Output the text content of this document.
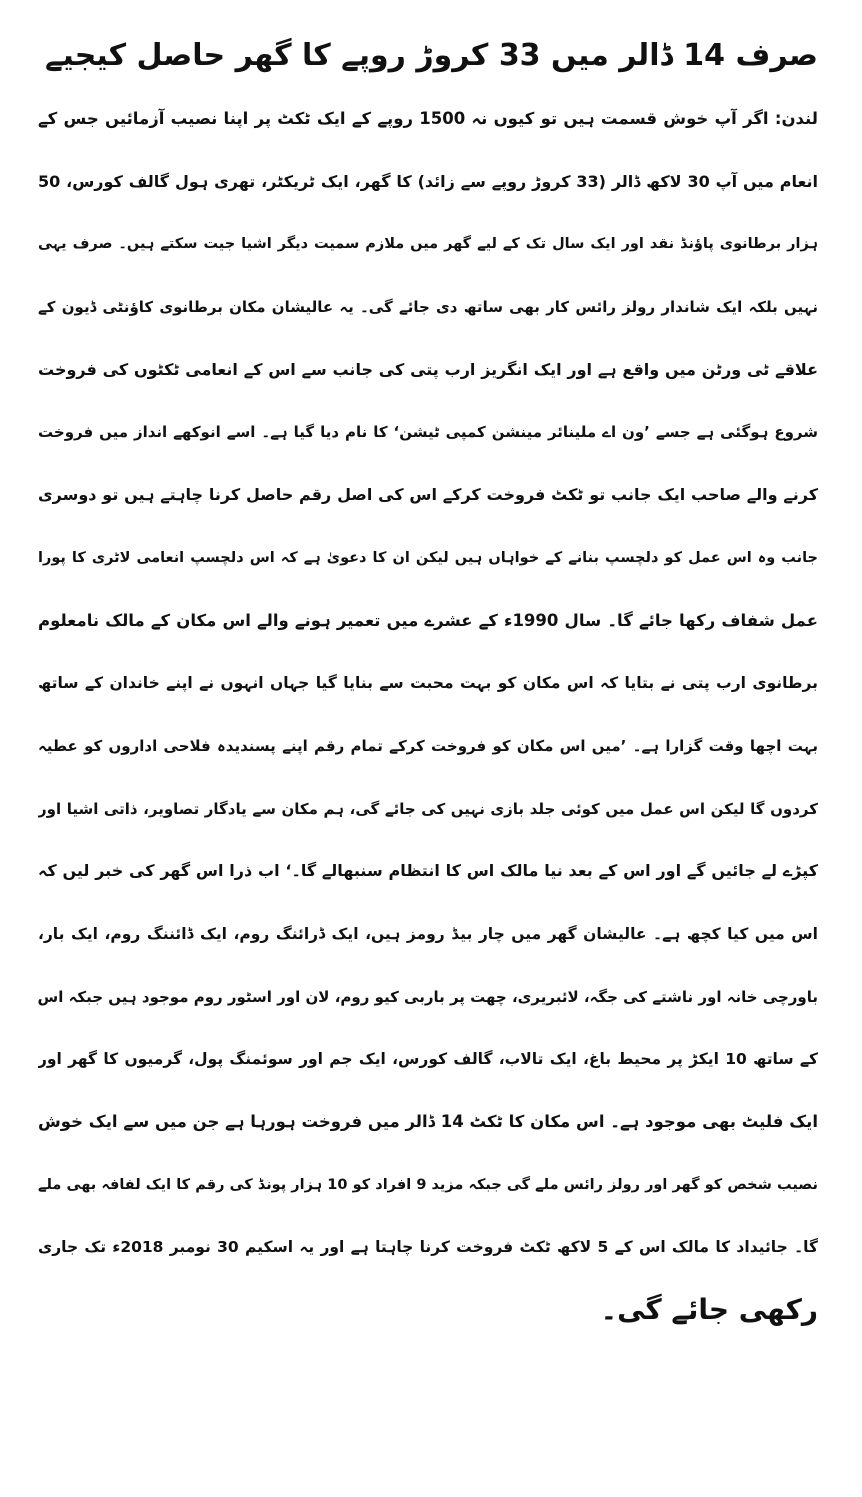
صرف 14 ڈالر میں 33 کروڑ روپے کا گھر حاصل کیجیے
لندن: اگر آپ خوش قسمت ہیں تو کیوں نہ 1500 روپے کے ایک ٹکٹ پر اپنا نصیب آزمائیں جس کے
انعام میں آپ 30 لاکھ ڈالر (33 کروڑ روپے سے زائد) کا گھر، ایک ٹریکٹر، تھری ہول گالف کورس، 50
ہزار برطانوی پاؤنڈ نقد اور ایک سال تک کے لیے گھر میں ملازم سمیت دیگر اشیا جیت سکتے ہیں۔ صرف یہی
نہیں بلکہ ایک شاندار رولز رائس کار بھی ساتھ دی جائے گی۔ یہ عالیشان مکان برطانوی کاؤنٹی ڈیون کے
علاقے ٹی ورٹن میں واقع ہے اور ایک انگریز ارب پتی کی جانب سے اس کے انعامی ٹکٹوں کی فروخت
شروع ہوگئی ہے جسے ’ون اے ملینائر مینشن کمپی ٹیشن‘ کا نام دیا گیا ہے۔ اسے انوکھے انداز میں فروخت
کرنے والے صاحب ایک جانب تو ٹکٹ فروخت کرکے اس کی اصل رقم حاصل کرنا چاہتے ہیں تو دوسری
جانب وہ اس عمل کو دلچسپ بنانے کے خواہاں ہیں لیکن ان کا دعویٰ ہے کہ اس دلچسپ انعامی لاٹری کا پورا
عمل شفاف رکھا جائے گا۔ سال 1990ء کے عشرے میں تعمیر ہونے والے اس مکان کے مالک نامعلوم
برطانوی ارب پتی نے بتایا کہ اس مکان کو بہت محبت سے بنایا گیا جہاں انہوں نے اپنے خاندان کے ساتھ
بہت اچھا وقت گزارا ہے۔ ’میں اس مکان کو فروخت کرکے تمام رقم اپنے پسندیدہ فلاحی اداروں کو عطیہ
کردوں گا لیکن اس عمل میں کوئی جلد بازی نہیں کی جائے گی، ہم مکان سے یادگار تصاویر، ذاتی اشیا اور
کپڑے لے جائیں گے اور اس کے بعد نیا مالک اس کا انتظام سنبھالے گا۔‘ اب ذرا اس گھر کی خبر لیں کہ
اس میں کیا کچھ ہے۔ عالیشان گھر میں چار بیڈ رومز ہیں، ایک ڈرائنگ روم، ایک ڈائننگ روم، ایک بار،
باورچی خانہ اور ناشتے کی جگہ، لائبریری، چھت پر باربی کیو روم، لان اور اسٹور روم موجود ہیں جبکہ اس
کے ساتھ 10 ایکڑ پر محیط باغ، ایک تالاب، گالف کورس، ایک جم اور سوئمنگ پول، گرمیوں کا گھر اور
ایک فلیٹ بھی موجود ہے۔ اس مکان کا ٹکٹ 14 ڈالر میں فروخت ہورہا ہے جن میں سے ایک خوش
نصیب شخص کو گھر اور رولز رائس ملے گی جبکہ مزید 9 افراد کو 10 ہزار پونڈ کی رقم کا ایک لفافہ بھی ملے
گا۔ جائیداد کا مالک اس کے 5 لاکھ ٹکٹ فروخت کرنا چاہتا ہے اور یہ اسکیم 30 نومبر 2018ء تک جاری
رکھی جائے گی۔
